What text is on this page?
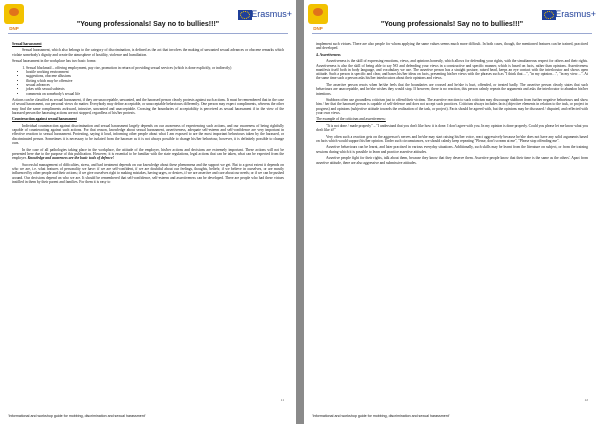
DNP
"Young professionals! Say no to bullies!!!"
Erasmus+

Sexual harassment

Sexual harassment, which also belongs to the category of discrimination, is defined as the act that involves the making of unwanted sexual advances or obscene remarks which violate somebody's dignity and create the atmosphere of hostility, violence and humiliation.

Sexual harassment in the workplace has two basic forms:

1. Sexual blackmail – offering employment, pay rise, promotion in return of providing sexual services (which is done explicitly, or indirectly)
• hostile working environment
• suggestions, obscene allusions
• flirting which may be offensive
• sexual advances
• jokes with sexual subtexts
• comments on somebody's sexual life

Actions can be classified as sexual harassment, if they are unacceptable, unwanted, and the harassed person clearly protests against such actions. It must be remembered that in the case of sexual harassment, our personal views do matter. Everybody may define acceptable, or unacceptable behaviours differently. One person may expect compliments, whereas the other may find the same compliments awkward, intrusive, unwanted and unacceptable. Crossing the boundaries of acceptability is perceived as sexual harassment if in the view of the harassed person the harassing actions are not stopped, regardless of his/her protests.

Counteraction against sexual harassment

Individual counteraction against discrimination and sexual harassment largely depends on our awareness of experiencing such actions, and our awareness of being rightfully capable of counteracting against such actions. For that reason, knowledge about sexual harassment, assertiveness, adequate self-esteem and self-confidence are very important in effective reaction to sexual harassment. Protesting, saying it loud, informing other people about what I am exposed to are the most important behaviours taken by the harassed, or discriminated person. Sometimes it is necessary to be isolated from the harasser as it is not always possible to change his/her behaviour, however, it is definitely possible to change ours.

In the case of all pathologies taking place in the workplace, the attitude of the employer, his/her actions and decisions are extremely important. These actions will not be presented here due to the purpose of this publication. However, it is essential to be familiar with the state regulations, legal actions that can be taken, what can be expected from the employer. Knowledge and awareness are the basic tools of defence!

Successful management of difficulties, stress, and bad treatment depends on our knowledge about these phenomena and the support we get. But to a great extent it depends on who we are, i.e. what features of personality we have: if we are self-confident, if we are doubtful about our feelings, thoughts, beliefs; if we believe in ourselves, or are mostly influenced by other people and their actions; if we give ourselves right to making mistakes, having urges, or desires, if we are assertive and care about our needs; or if we can be pushed around. Our decisions depend on who we are. It should be remembered that self-confidence, self-esteem and assertiveness can be developed. There are people who had these virtues instilled in them by their parent and families. For them it is easy to

11
'Informational and workshop guide for mobbing, discrimination and sexual harassment'
DNP
"Young professionals! Say no to bullies!!!"
Erasmus+

implement such virtues. There are also people for whom applying the same values seems much more difficult. In both cases, though, the mentioned features can be trained, practiced and developed.

4. Assertiveness

Assertiveness is the skill of expressing emotions, views, and opinions honestly, which allows for defending your rights, with the simultaneous respect for others and their rights. Assertiveness is also the skill of being able to say NO and defending your views in a constructive and specific manner, which is based on facts, rather than opinions. Assertiveness manifests itself both in body language, and vocabulary we use. The assertive person has a straight posture, raised head, keeps an eye contact with the interlocutor and shows open attitude. Such a person is specific and clear, and bases his/her ideas on facts, presenting his/her views with the phrases such as "I think that…", "in my opinion…", "in my view…". At the same time such a person asks his/her interlocutors about their opinions and views.

The assertive person reacts when he/she feels that the boundaries are crossed and he/she is hurt, offended, or treated badly. The assertive person clearly states that such behaviours are unacceptable, and he/she wishes they would stop. If however, there is no reaction, this person calmly repeats the arguments and asks the interlocutor to abandon his/her intentions.

Stubborn often use groundless criticism just to offend their victims. The assertive reaction to such criticism may discourage stubborn from further negative behaviours and show him / her that the harassed person is capable of self-defence and does not accept such practices. Criticism always includes facts (objective elements in relation to the task, or project in progress) and opinions (subjective attitude towards the realization of the task, or project). Facts should be agreed with, but the opinions may be discussed / disputed, and reflected with your own views.

The example of the criticism and assertiveness:

"It is not done / made properly" – "I understand that you don't like how it is done. I don't agree with you. In my opinion is done properly. Could you please let me know what you don't like it?"

Very often such a reaction gets on the aggressor's nerves and he/she may start raising his/her voice, react aggressively because he/she does not have any solid arguments based on facts which would support his/her opinion. Under such circumstances, we should calmly keep repeating "Please, don't scream at me", "Please stop offending me".

Assertive behaviours can be learnt, and later practised in various everyday situations. Additionally, such skills may be learnt from the literature on subject, or from the training sessions during which it is possible to learn and practice assertive attitudes.

Assertive people fight for their rights, talk about them, because they know that they deserve them. Assertive people know that their time is the same as the others'. Apart from assertive attitude, there are also aggressive and submissive attitudes.

12
'Informational and workshop guide for mobbing, discrimination and sexual harassment'
